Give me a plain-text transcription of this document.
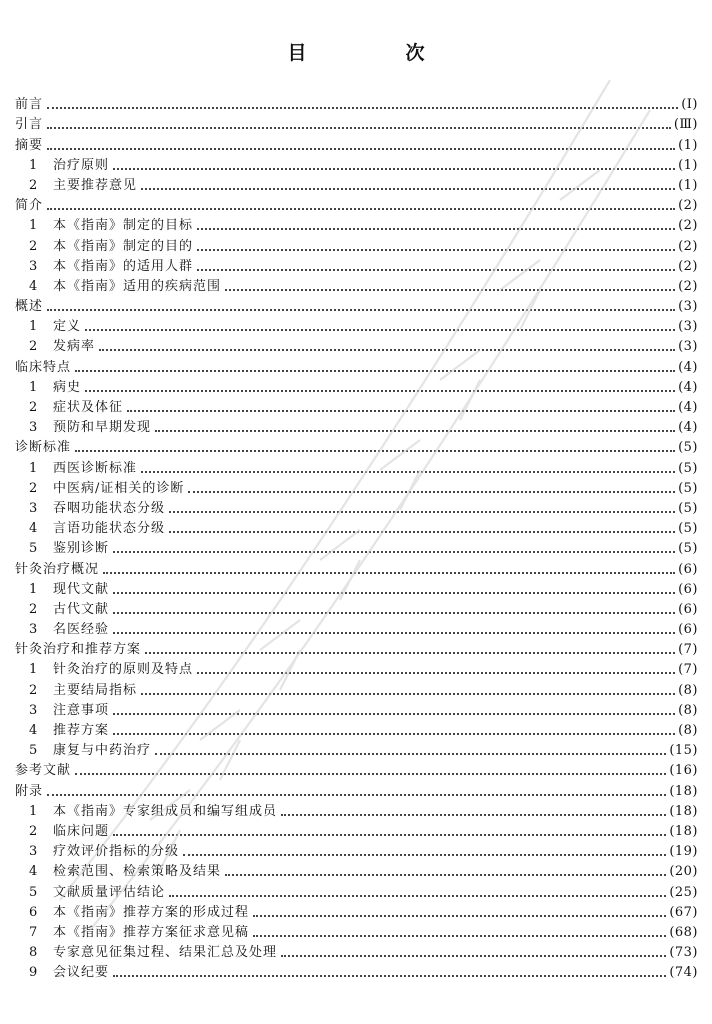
目　次
前言	(Ⅰ)
引言	(Ⅲ)
摘要	(1)
1	治疗原则	(1)
2	主要推荐意见	(1)
简介	(2)
1	本《指南》制定的目标	(2)
2	本《指南》制定的目的	(2)
3	本《指南》的适用人群	(2)
4	本《指南》适用的疾病范围	(2)
概述	(3)
1	定义	(3)
2	发病率	(3)
临床特点	(4)
1	病史	(4)
2	症状及体征	(4)
3	预防和早期发现	(4)
诊断标准	(5)
1	西医诊断标准	(5)
2	中医病/证相关的诊断	(5)
3	吞咽功能状态分级	(5)
4	言语功能状态分级	(5)
5	鉴别诊断	(5)
针灸治疗概况	(6)
1	现代文献	(6)
2	古代文献	(6)
3	名医经验	(6)
针灸治疗和推荐方案	(7)
1	针灸治疗的原则及特点	(7)
2	主要结局指标	(8)
3	注意事项	(8)
4	推荐方案	(8)
5	康复与中药治疗	(15)
参考文献	(16)
附录	(18)
1	本《指南》专家组成员和编写组成员	(18)
2	临床问题	(18)
3	疗效评价指标的分级	(19)
4	检索范围、检索策略及结果	(20)
5	文献质量评估结论	(25)
6	本《指南》推荐方案的形成过程	(67)
7	本《指南》推荐方案征求意见稿	(68)
8	专家意见征集过程、结果汇总及处理	(73)
9	会议纪要	(74)
